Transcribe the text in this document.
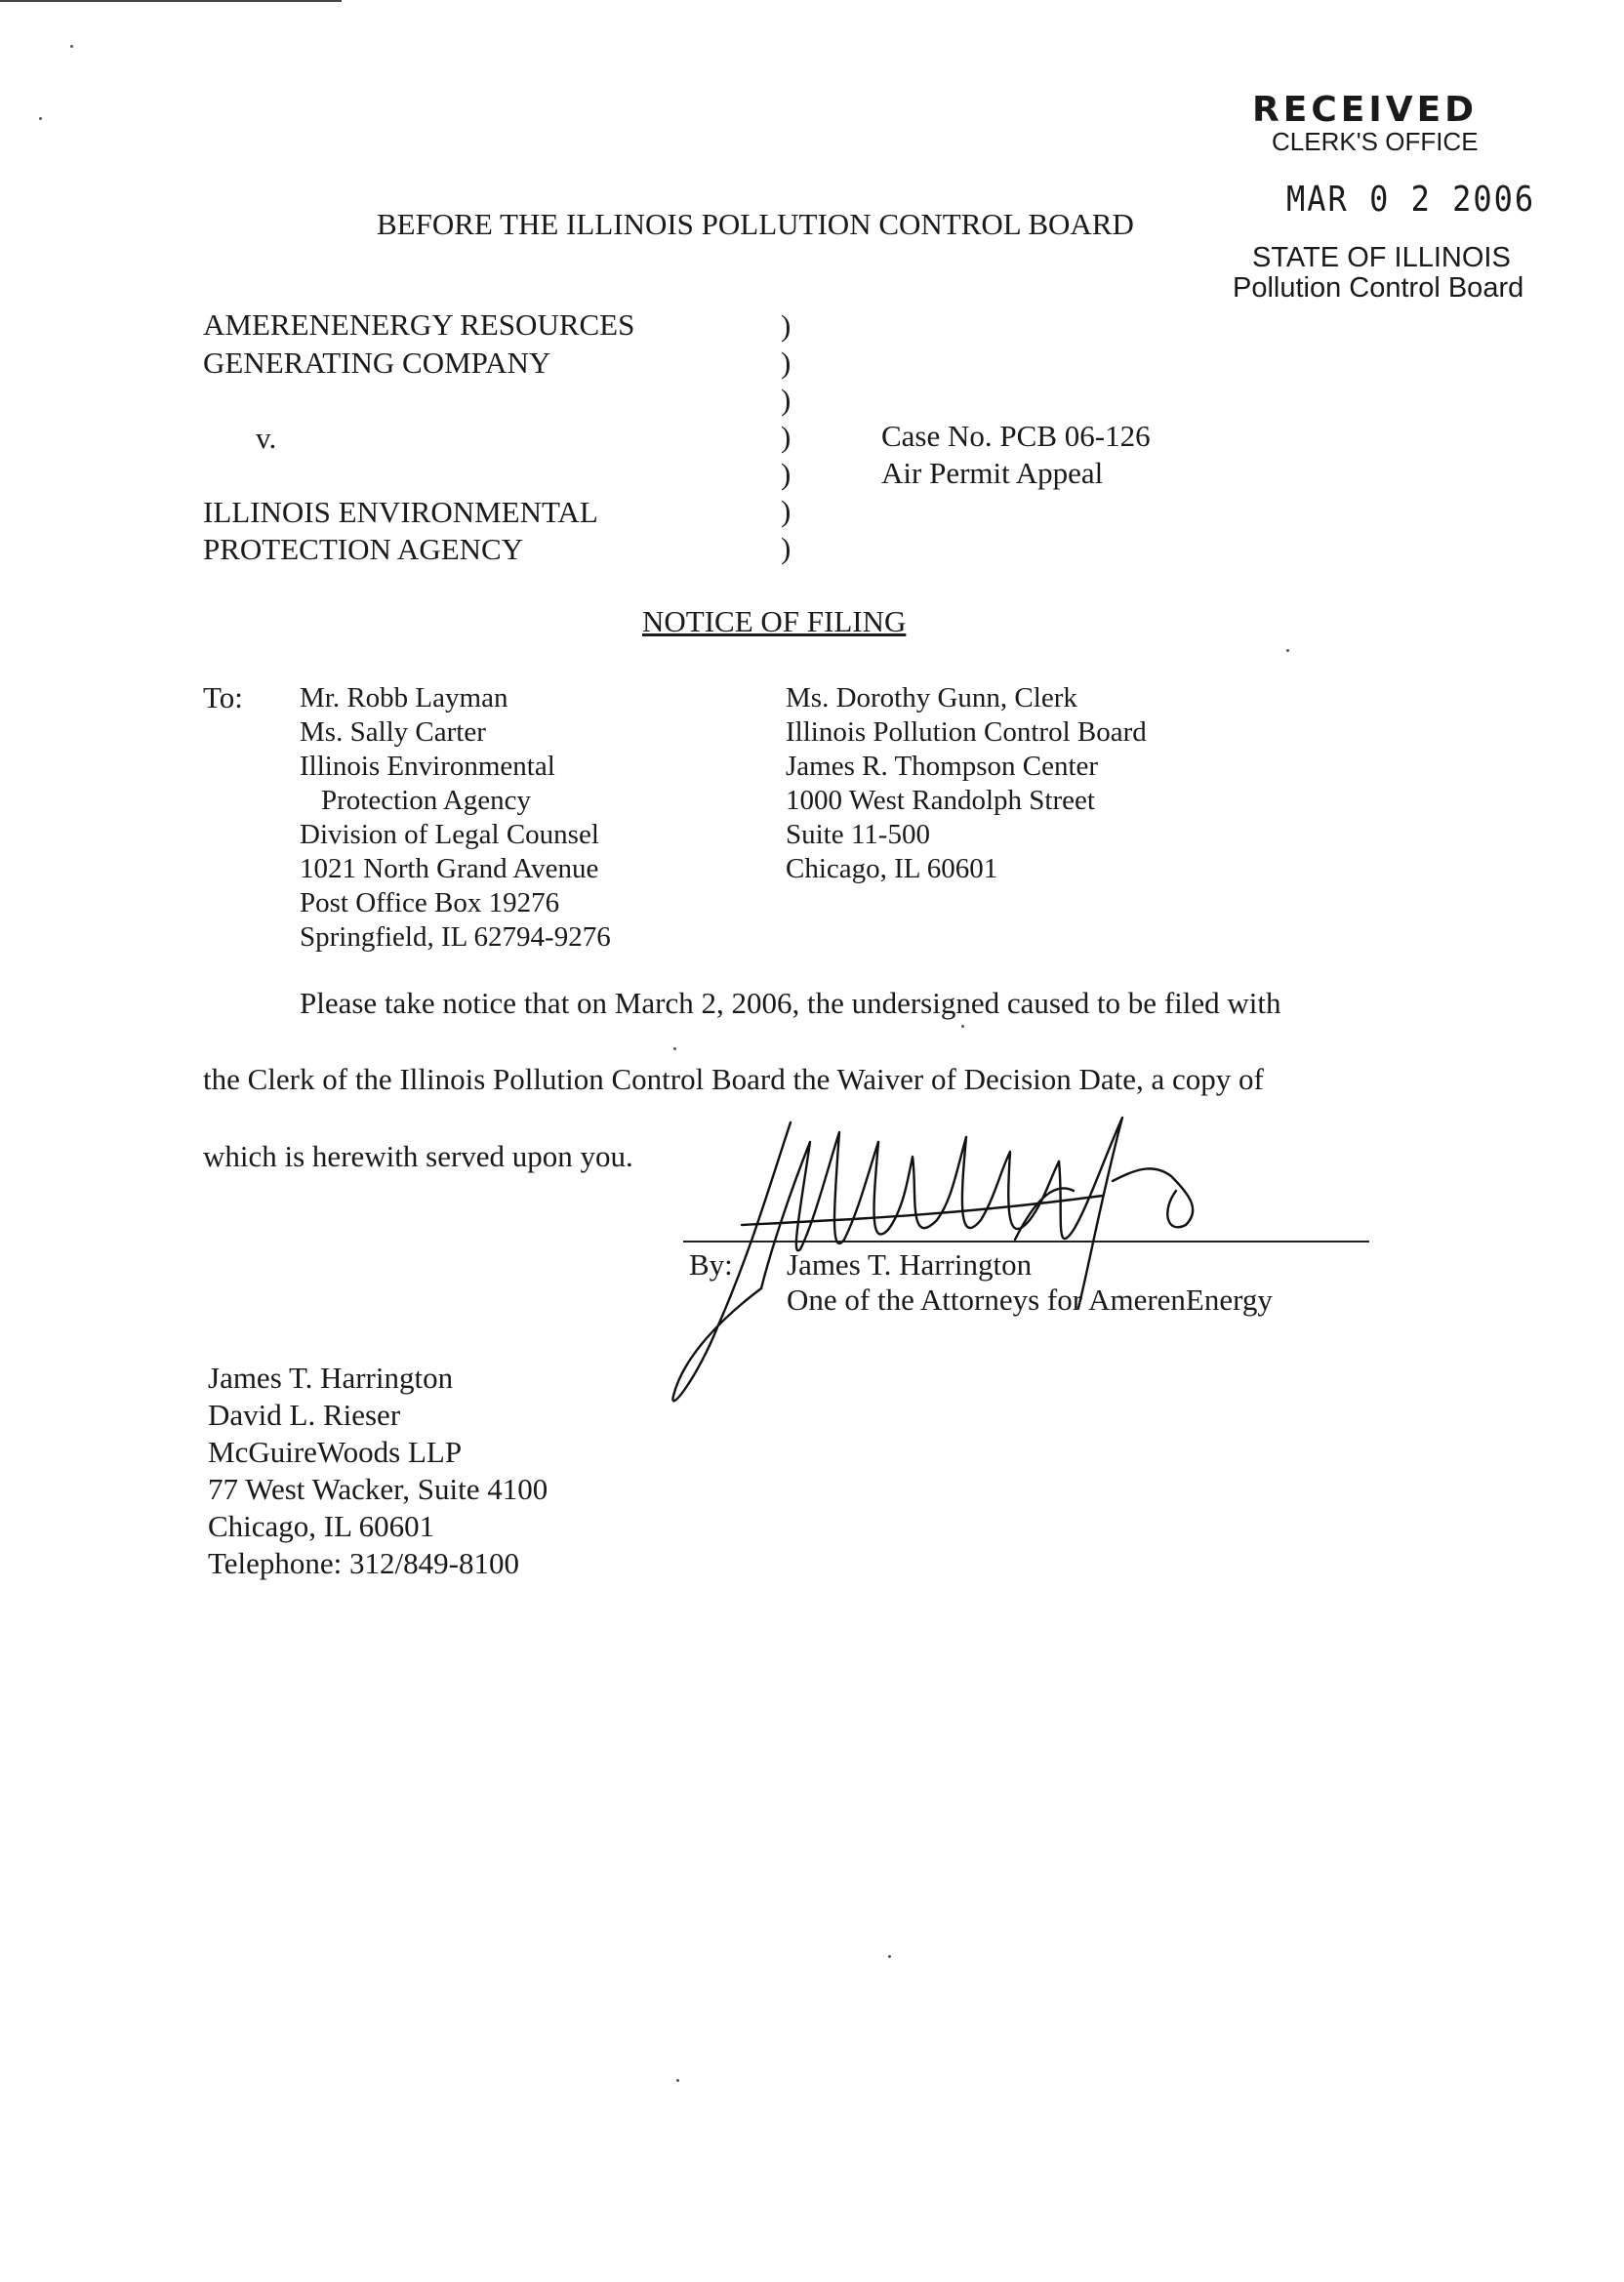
RECEIVED
CLERK'S OFFICE
MAR 0 2 2006
STATE OF ILLINOIS
Pollution Control Board
BEFORE THE ILLINOIS POLLUTION CONTROL BOARD
AMERENENERGY RESOURCES
GENERATING COMPANY
v.
ILLINOIS ENVIRONMENTAL
PROTECTION AGENCY
)
)
)
)
)
)
)
Case No. PCB 06-126
Air Permit Appeal
NOTICE OF FILING
To: Mr. Robb Layman
Ms. Sally Carter
Illinois Environmental
Protection Agency
Division of Legal Counsel
1021 North Grand Avenue
Post Office Box 19276
Springfield, IL 62794-9276
Ms. Dorothy Gunn, Clerk
Illinois Pollution Control Board
James R. Thompson Center
1000 West Randolph Street
Suite 11-500
Chicago, IL 60601
Please take notice that on March 2, 2006, the undersigned caused to be filed with
the Clerk of the Illinois Pollution Control Board the Waiver of Decision Date, a copy of
which is herewith served upon you.
By: James T. Harrington
One of the Attorneys for AmerenEnergy
James T. Harrington
David L. Rieser
McGuireWoods LLP
77 West Wacker, Suite 4100
Chicago, IL 60601
Telephone: 312/849-8100
